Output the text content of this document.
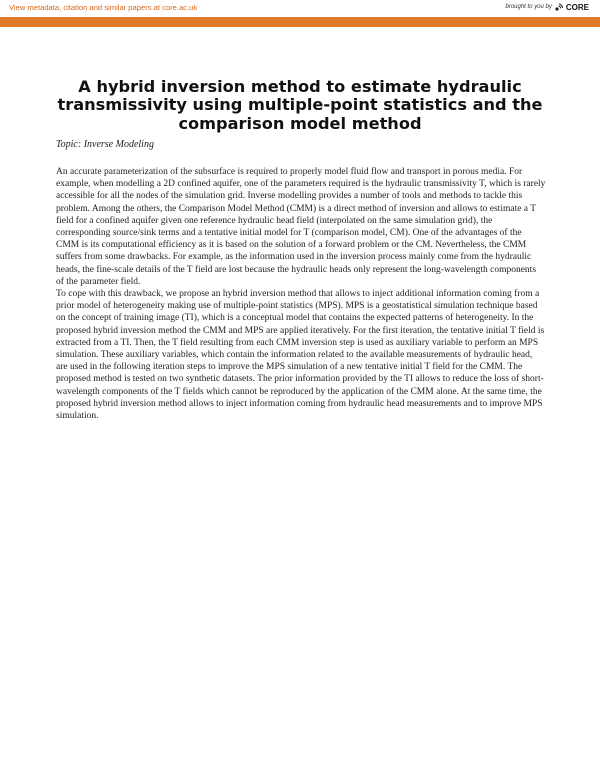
View metadata, citation and similar papers at core.ac.uk	brought to you by CORE
provided by AIR Universita degli studi di Milano
A hybrid inversion method to estimate hydraulic transmissivity using multiple-point statistics and the comparison model method
Topic: Inverse Modeling

An accurate parameterization of the subsurface is required to properly model fluid flow and transport in porous media. For example, when modelling a 2D confined aquifer, one of the parameters required is the hydraulic transmissivity T, which is rarely accessible for all the nodes of the simulation grid. Inverse modelling provides a number of tools and methods to tackle this problem. Among the others, the Comparison Model Method (CMM) is a direct method of inversion and allows to estimate a T field for a confined aquifer given one reference hydraulic head field (interpolated on the same simulation grid), the corresponding source/sink terms and a tentative initial model for T (comparison model, CM). One of the advantages of the CMM is its computational efficiency as it is based on the solution of a forward problem or the CM. Nevertheless, the CMM suffers from some drawbacks. For example, as the information used in the inversion process mainly come from the hydraulic heads, the fine-scale details of the T field are lost because the hydraulic heads only represent the long-wavelength components of the parameter field.

To cope with this drawback, we propose an hybrid inversion method that allows to inject additional information coming from a prior model of heterogeneity making use of multiple-point statistics (MPS). MPS is a geostatistical simulation technique based on the concept of training image (TI), which is a conceptual model that contains the expected patterns of heterogeneity. In the proposed hybrid inversion method the CMM and MPS are applied iteratively. For the first iteration, the tentative initial T field is extracted from a TI. Then, the T field resulting from each CMM inversion step is used as auxiliary variable to perform an MPS simulation. These auxiliary variables, which contain the information related to the available measurements of hydraulic head, are used in the following iteration steps to improve the MPS simulation of a new tentative initial T field for the CMM. The proposed method is tested on two synthetic datasets. The prior information provided by the TI allows to reduce the loss of short-wavelength components of the T fields which cannot be reproduced by the application of the CMM alone. At the same time, the proposed hybrid inversion method allows to inject information coming from hydraulic head measurements and to improve MPS simulation.
